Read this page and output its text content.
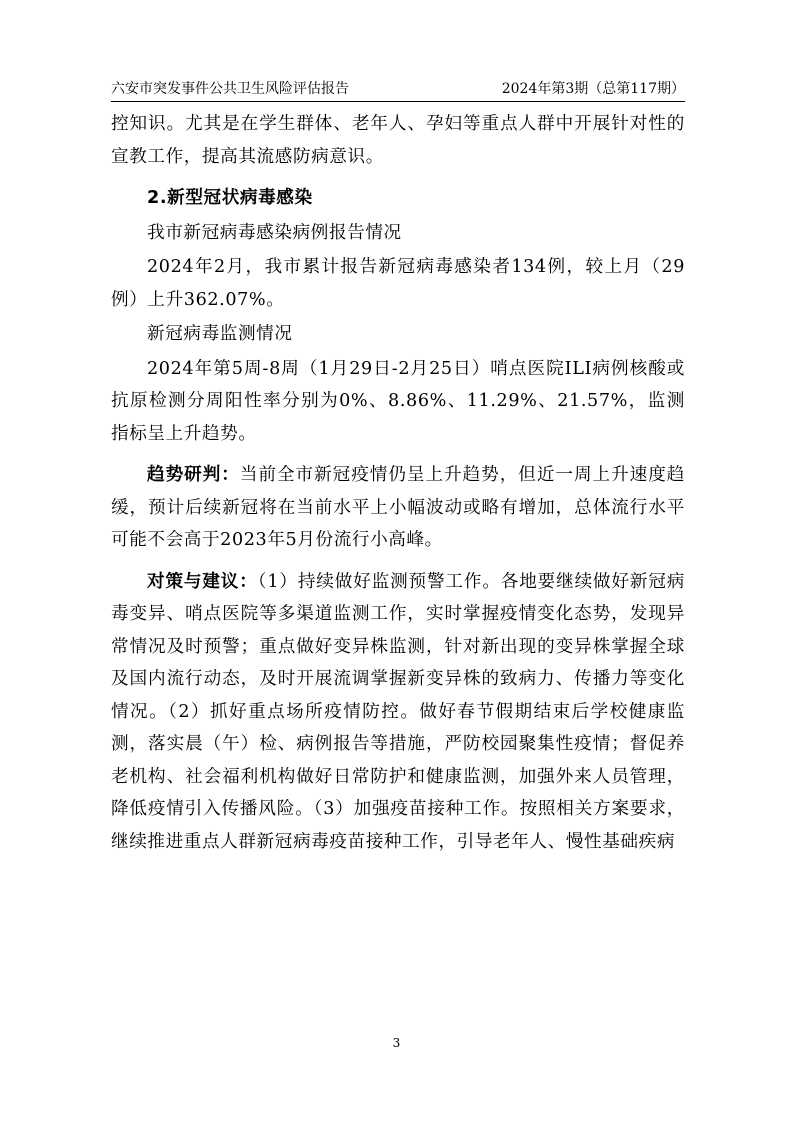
六安市突发事件公共卫生风险评估报告	2024年第3期（总第117期）

控知识。尤其是在学生群体、老年人、孕妇等重点人群中开展针对性的宣教工作，提高其流感防病意识。

2.新型冠状病毒感染

我市新冠病毒感染病例报告情况

2024年2月，我市累计报告新冠病毒感染者134例，较上月（29例）上升362.07%。

新冠病毒监测情况

2024年第5周-8周（1月29日-2月25日）哨点医院ILI病例核酸或抗原检测分周阳性率分别为0%、8.86%、11.29%、21.57%，监测指标呈上升趋势。

趋势研判：当前全市新冠疫情仍呈上升趋势，但近一周上升速度趋缓，预计后续新冠将在当前水平上小幅波动或略有增加，总体流行水平可能不会高于2023年5月份流行小高峰。

对策与建议：（1）持续做好监测预警工作。各地要继续做好新冠病毒变异、哨点医院等多渠道监测工作，实时掌握疫情变化态势，发现异常情况及时预警；重点做好变异株监测，针对新出现的变异株掌握全球及国内流行动态，及时开展流调掌握新变异株的致病力、传播力等变化情况。（2）抓好重点场所疫情防控。做好春节假期结束后学校健康监测，落实晨（午）检、病例报告等措施，严防校园聚集性疫情；督促养老机构、社会福利机构做好日常防护和健康监测，加强外来人员管理，降低疫情引入传播风险。（3）加强疫苗接种工作。按照相关方案要求，继续推进重点人群新冠病毒疫苗接种工作，引导老年人、慢性基础疾病

3
